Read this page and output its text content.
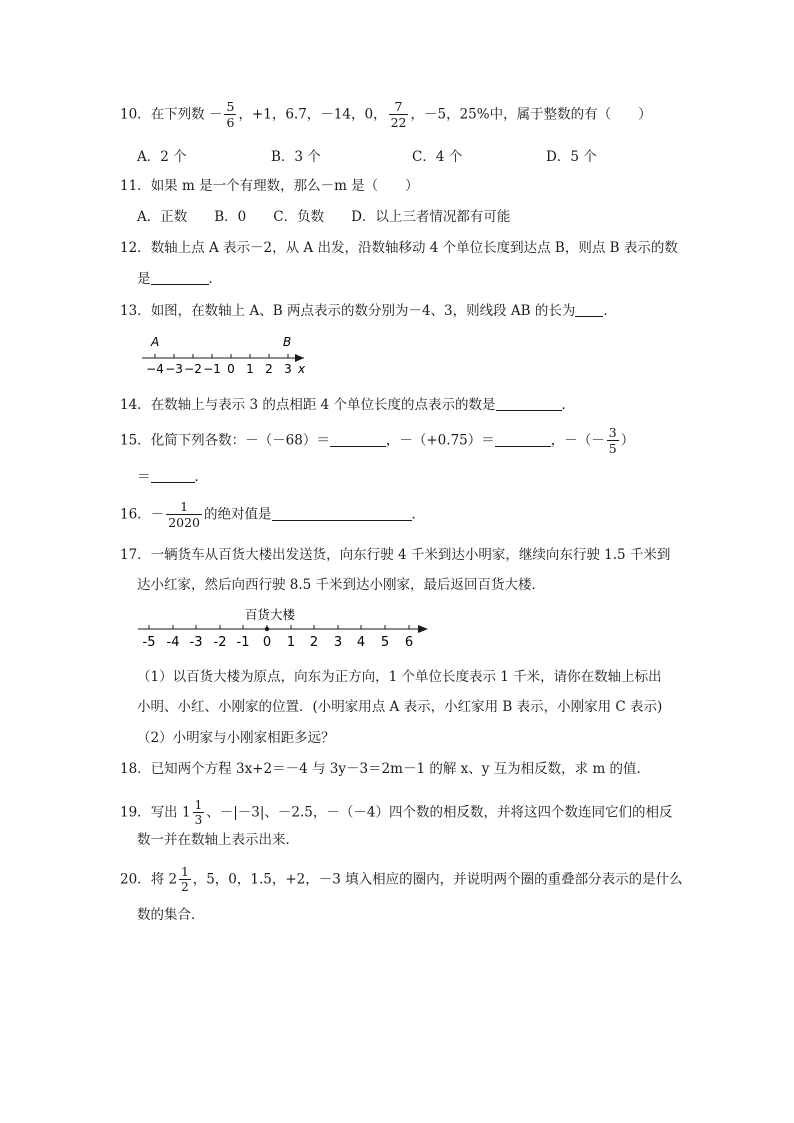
10．在下列数 － $\frac{5}{6}$ ，+1，6.7，－14，0， $\frac{7}{22}$ ，－5，25%中，属于整数的有（　　）
A．2 个	B．3 个	C．4 个	D．5 个
11．如果 m 是一个有理数，那么－m 是（　　）
A．正数　　B．0　　C．负数　　D．以上三者情况都有可能
12．数轴上点 A 表示－2，从 A 出发，沿数轴移动 4 个单位长度到达点 B，则点 B 表示的数
是	．
13．如图，在数轴上 A、B 两点表示的数分别为－4、3，则线段 AB 的长为 ．
A	B
x
−4 −3 −2 −1 0 1 2 3
14．在数轴上与表示 3 的点相距 4 个单位长度的点表示的数是	．
15．化简下列各数：－（－68）＝	，－（+0.75）＝	，－（－ $\frac{3}{5}$ ）
＝	．
16．－ $\frac{1}{2020}$ 的绝对值是	．
17．一辆货车从百货大楼出发送货，向东行驶 4 千米到达小明家，继续向东行驶 1.5 千米到
达小红家，然后向西行驶 8.5 千米到达小刚家，最后返回百货大楼．
百货大楼
-5 -4 -3 -2 -1 0 1 2 3 4 5 6
（1）以百货大楼为原点，向东为正方向，1 个单位长度表示 1 千米，请你在数轴上标出
小明、小红、小刚家的位置．(小明家用点 A 表示，小红家用 B 表示，小刚家用 C 表示)
（2）小明家与小刚家相距多远？
18．已知两个方程 3x+2＝－4 与 3y－3＝2m－1 的解 x、y 互为相反数，求 m 的值．
19．写出 $1 \frac{1}{3}$ 、－|－3|、－2.5，－（－4）四个数的相反数，并将这四个数连同它们的相反
数一并在数轴上表示出来．
20．将 $2 \frac{1}{2}$ ，5，0，1.5，+2，－3 填入相应的圈内，并说明两个圈的重叠部分表示的是什么
数的集合．
